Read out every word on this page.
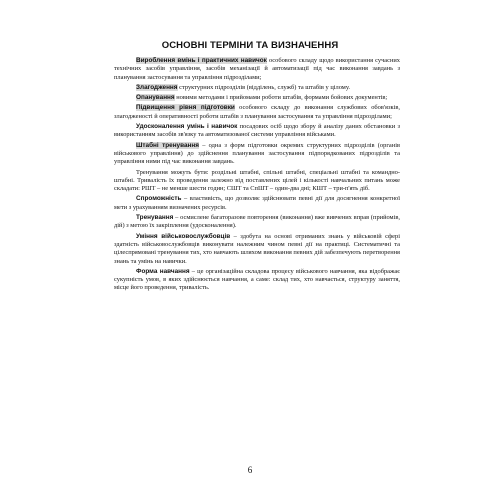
ОСНОВНІ ТЕРМІНИ ТА ВИЗНАЧЕННЯ

Вироблення вмінь і практичних навичок особового складу щодо використання сучасних технічних засобів управління, засобів механізації й автоматизації під час виконання завдань з планування застосування та управління підрозділами;

Злагодження структурних підрозділів (відділень, служб) та штабів у цілому.

Опанування новими методами і прийомами роботи штабів, формами бойових документів;

Підвищення рівня підготовки особового складу до виконання службових обов'язків, злагодженості й оперативності роботи штабів з планування застосування та управління підрозділами;

Удосконалення умінь і навичок посадових осіб щодо збору й аналізу даних обстановки з використанням засобів зв'язку та автоматизованої системи управління військами.

Штабні тренування – одна з форм підготовки окремих структурних підрозділів (органів військового управління) до здійснення планування застосування підпорядкованих підрозділів та управління ними під час виконання завдань.

Тренування можуть бути: роздільні штабні, спільні штабні, спеціальні штабні та командно-штабні. Тривалість їх проведення залежно від поставлених цілей і кількості навчальних питань може складати: РШТ – не менше шести годин; СШТ та СпШТ – один-два дні; КШТ – три-п'ять діб.

Спроможність – властивість, що дозволяє здійснювати певні дії для досягнення конкретної мети з урахуванням визначених ресурсів.

Тренування – осмислене багаторазове повторення (виконання) вже вивчених вправ (прийомів, дій) з метою їх закріплення (удосконалення).

Уміння військовослужбовців – здобута на основі отриманих знань у військовій сфері здатність військовослужбовців виконувати належним чином певні дії на практиці. Систематичні та цілеспрямовані тренування тих, хто навчають шляхом виконання певних дій забезпечують перетворення знань та умінь на навички.

Форма навчання – це організаційна складова процесу військового навчання, яка відображає сукупність умов, в яких здійснюється навчання, а саме: склад тих, хто навчається, структуру заняття, місце його проведення, тривалість.

6
